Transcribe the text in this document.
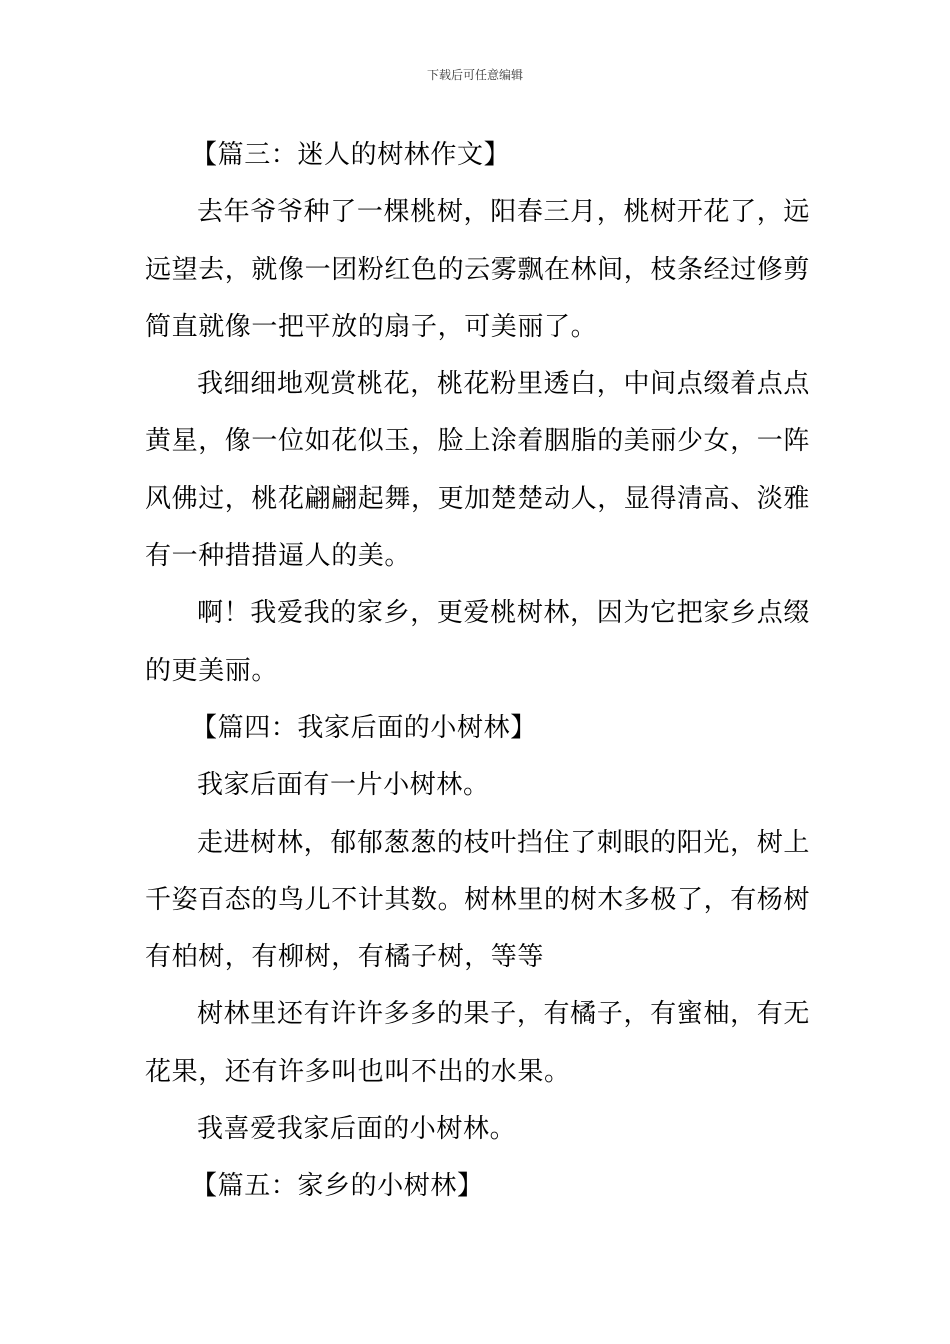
下载后可任意编辑

【篇三：迷人的树林作文】

去年爷爷种了一棵桃树，阳春三月，桃树开花了，远远望去，就像一团粉红色的云雾飘在林间，枝条经过修剪简直就像一把平放的扇子，可美丽了。

我细细地观赏桃花，桃花粉里透白，中间点缀着点点黄星，像一位如花似玉，脸上涂着胭脂的美丽少女，一阵风佛过，桃花翩翩起舞，更加楚楚动人，显得清高、淡雅有一种措措逼人的美。

啊！我爱我的家乡，更爱桃树林，因为它把家乡点缀的更美丽。

【篇四：我家后面的小树林】

我家后面有一片小树林。

走进树林，郁郁葱葱的枝叶挡住了刺眼的阳光，树上千姿百态的鸟儿不计其数。树林里的树木多极了，有杨树有柏树，有柳树，有橘子树，等等

树林里还有许许多多的果子，有橘子，有蜜柚，有无花果，还有许多叫也叫不出的水果。

我喜爱我家后面的小树林。

【篇五：家乡的小树林】
